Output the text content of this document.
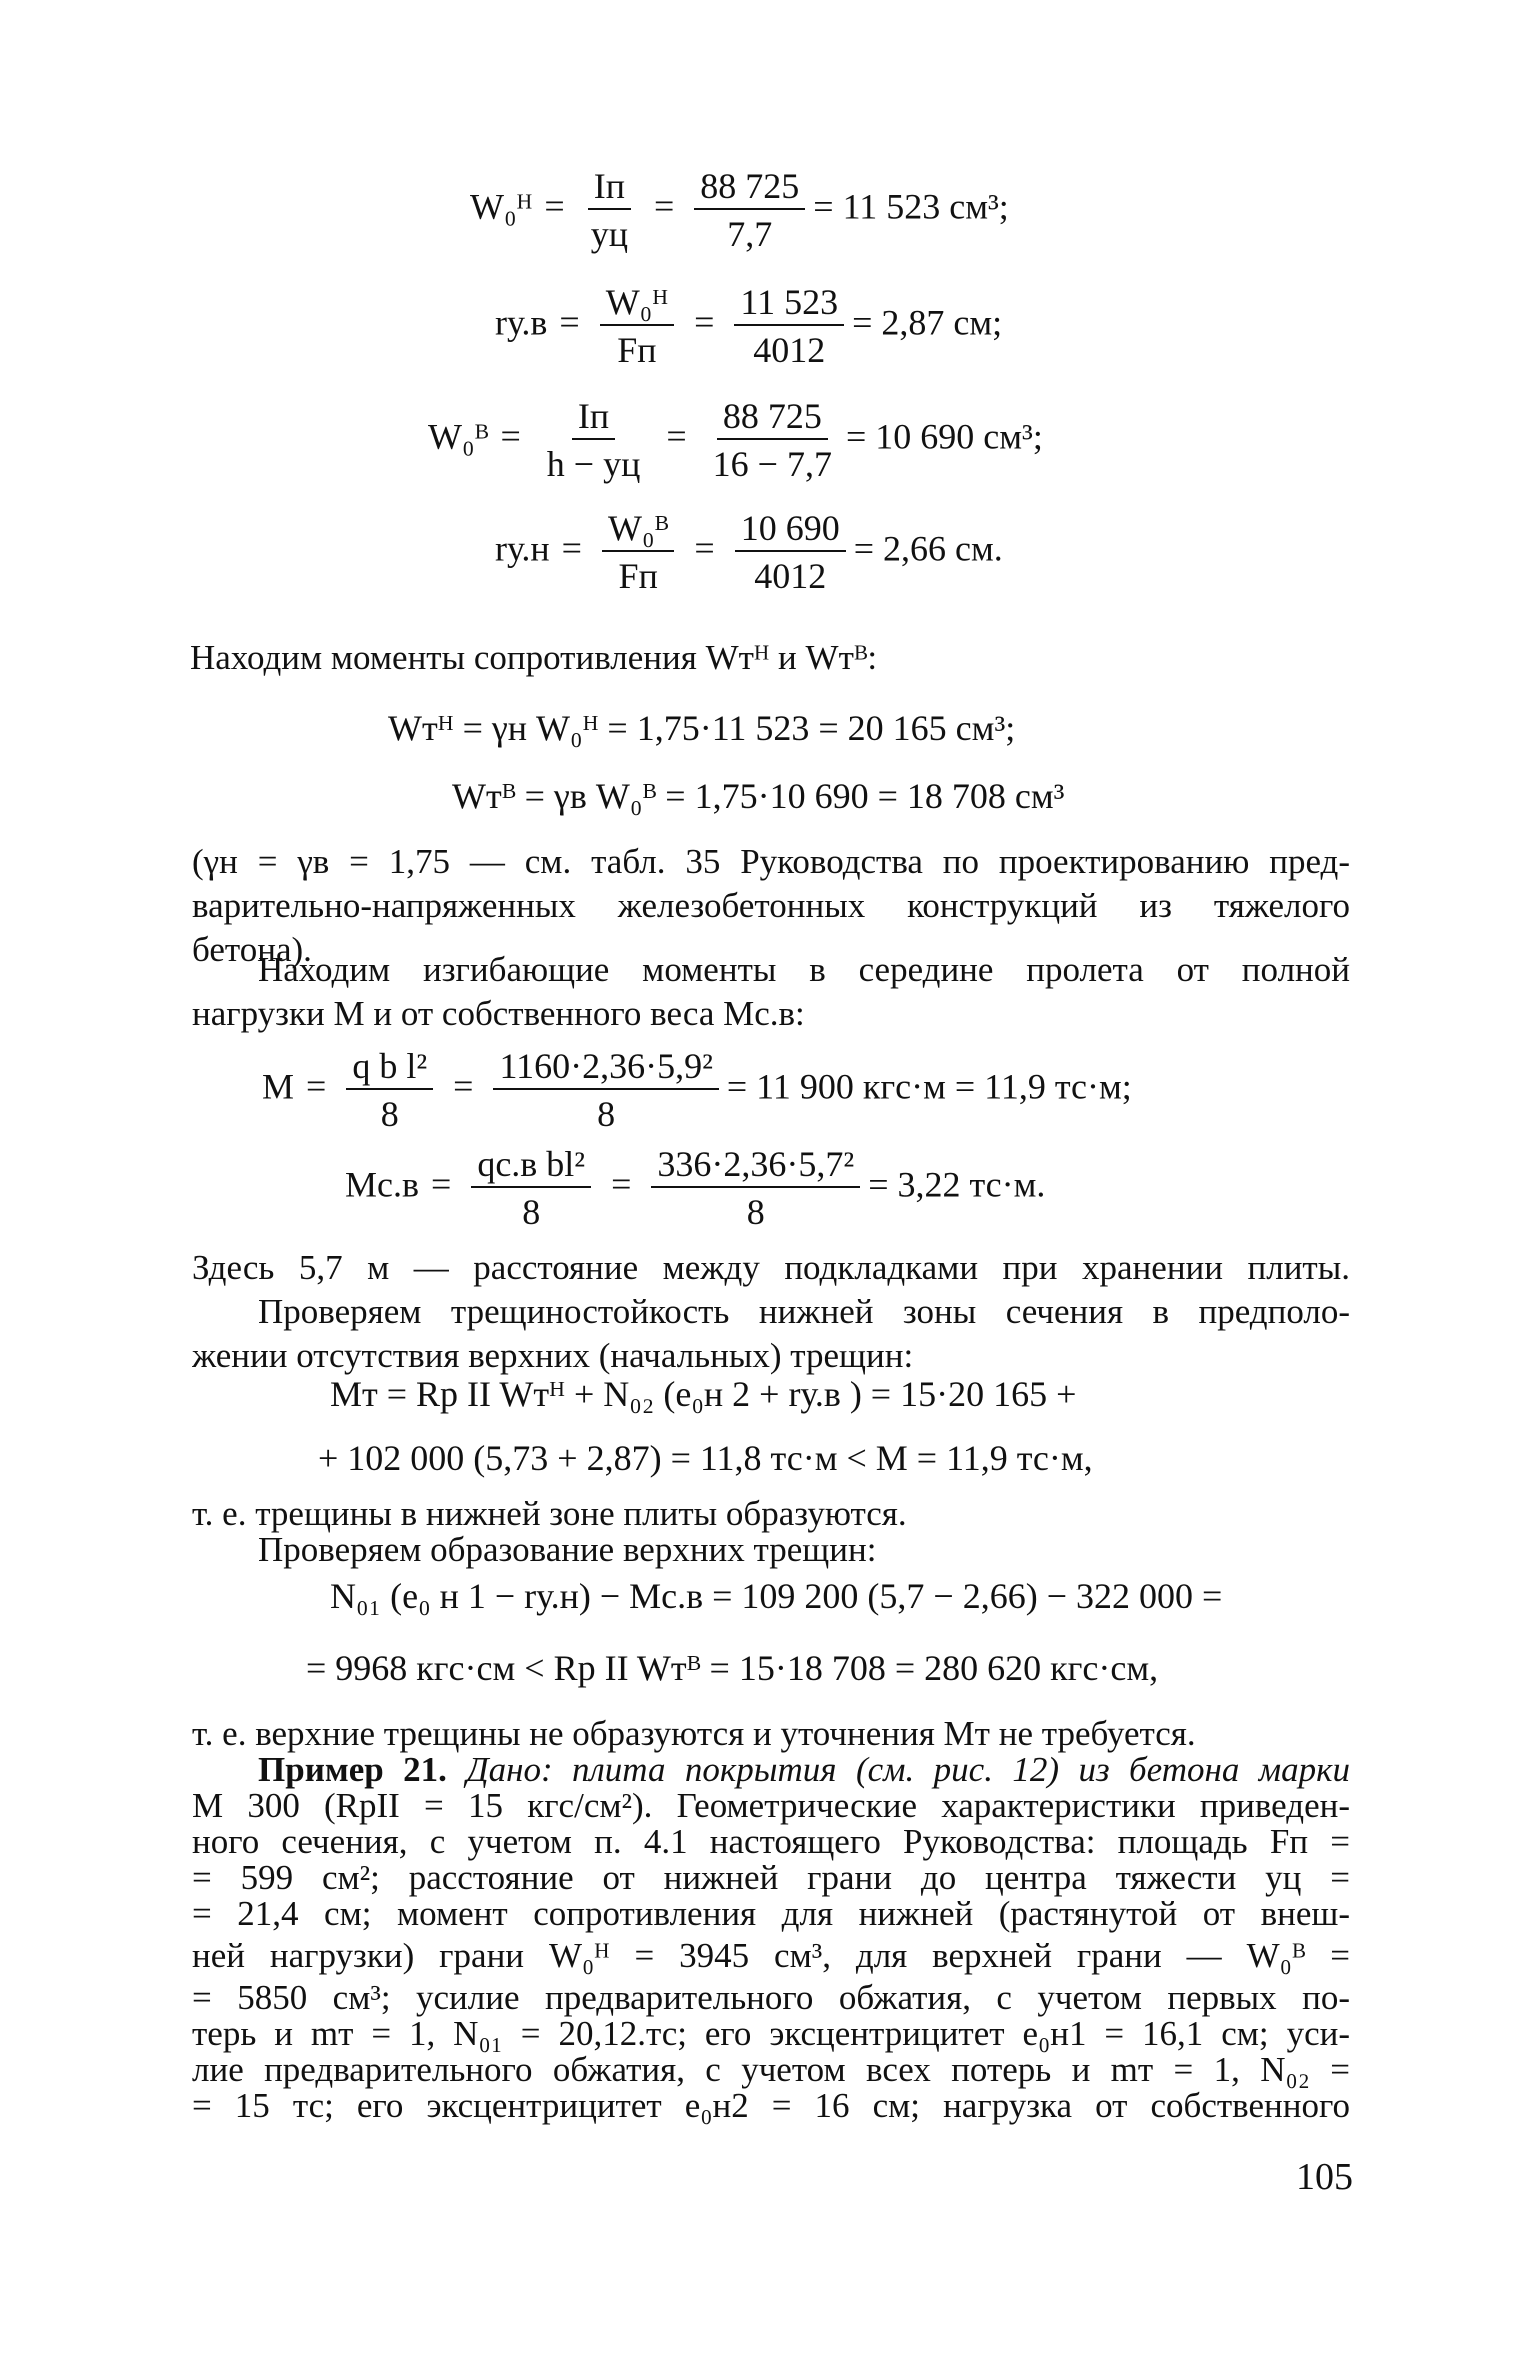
W₀ᴴ = $\frac{Iп}{yц} = \frac{88 725}{7,7} = 11$ 523 см³;
$rу.в = \frac{\text{W₀ᴴ}}{Fп} = \frac{11 523}{4012} = 2,87$ см;
W₀ᴮ = $\frac{Iп}{h - yц} = \frac{88 725}{16 - 7,7} = 10$ 690 см³;
$rу.н = \frac{\text{W₀ᴮ}}{Fп} = \frac{10 690}{4012} = 2,66$ см.
Находим моменты сопротивления Wтᴴ и Wтᴮ:
Wтᴴ = γн W₀ᴴ = 1,75·11 523 = 20 165 см³;
Wтᴮ = γв W₀ᴮ = 1,75·10 690 = 18 708 см³
(γн = γв = 1,75 — см. табл. 35 Руководства по проектированию пред-
варительно-напряженных железобетонных конструкций из тяжелого
бетона).
Находим изгибающие моменты в середине пролета от полной
нагрузки M и от собственного веса Mс.в:
$M = \frac{\text{q b l²}}{8} = \frac{\text{1160·2,36·5,9²}}{8} = 11$ 900 кгс·м = 11,9 тс·м;
$Mс.в = \frac{\text{qс.в bl²}}{8} = \frac{\text{336·2,36·5,7²}}{8} = 3,22$ тс·м.
Здесь 5,7 м — расстояние между подкладками при хранении плиты.
Проверяем трещиностойкость нижней зоны сечения в предполо-
жении отсутствия верхних (начальных) трещин:
Mт = Rр II Wтᴴ + N₀₂ (e₀н 2 + rу.в ) = 15·20 165 +
+ 102 000 (5,73 + 2,87) = 11,8 тс·м < M = 11,9 тс·м,
т. е. трещины в нижней зоне плиты образуются.
Проверяем образование верхних трещин:
N₀₁ (e₀ н 1 − rу.н) − Mс.в = 109 200 (5,7 − 2,66) − 322 000 =
= 9968 кгс·см < Rр II Wтᴮ = 15·18 708 = 280 620 кгс·см,
т. е. верхние трещины не образуются и уточнения Mт не требуется.
Пример 21. Дано: плита покрытия (см. рис. 12) из бетона марки
М 300 (RpII = 15 кгс/см²). Геометрические характеристики приведен-
ного сечения, с учетом п. 4.1 настоящего Руководства: площадь Fп =
= 599 см²; расстояние от нижней грани до центра тяжести yц =
= 21,4 см; момент сопротивления для нижней (растянутой от внеш-
ней нагрузки) грани W₀ᴴ = 3945 см³, для верхней грани — W₀ᴮ =
= 5850 см³; усилие предварительного обжатия, с учетом первых по-
терь и mт = 1, N₀₁ = 20,12.тс; его эксцентрицитет e₀н1 = 16,1 см; уси-
лие предварительного обжатия, с учетом всех потерь и mт = 1, N₀₂ =
= 15 тс; его эксцентрицитет e₀н2 = 16 см; нагрузка от собственного
105
